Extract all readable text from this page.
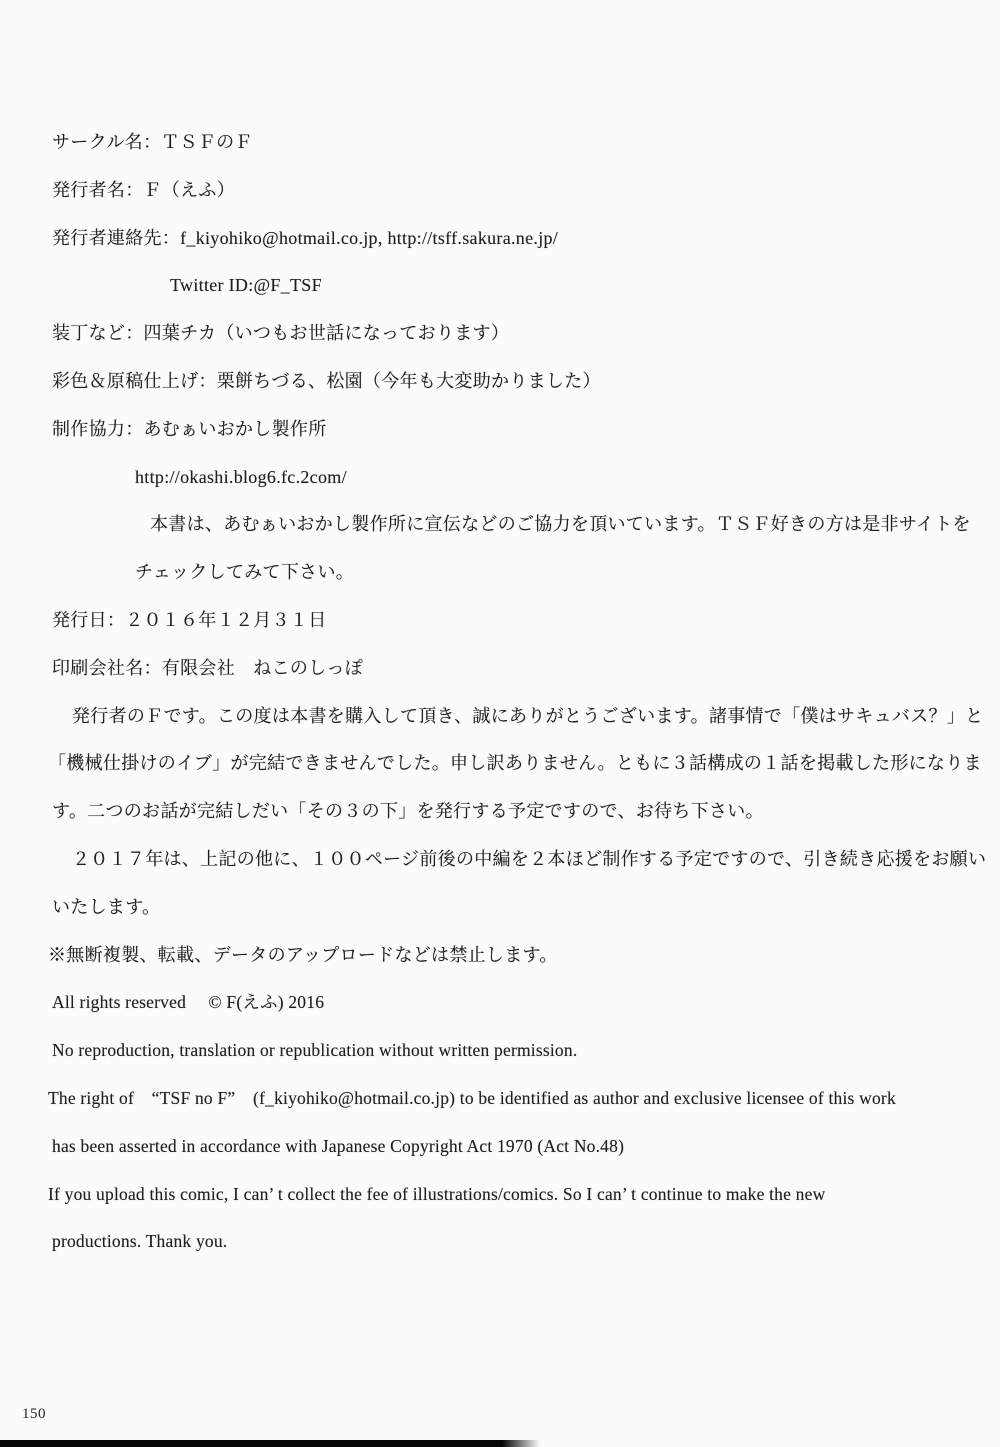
サークル名：ＴＳＦのＦ
発行者名：Ｆ（えふ）
発行者連絡先：f_kiyohiko@hotmail.co.jp, http://tsff.sakura.ne.jp/
Twitter ID:@F_TSF
装丁など：四葉チカ（いつもお世話になっております）
彩色＆原稿仕上げ：栗餅ちづる、松園（今年も大変助かりました）
制作協力：あむぁいおかし製作所
http://okashi.blog6.fc.2com/
本書は、あむぁいおかし製作所に宣伝などのご協力を頂いています。ＴＳＦ好きの方は是非サイトを
チェックしてみて下さい。
発行日：２０１６年１２月３１日
印刷会社名：有限会社　ねこのしっぽ
発行者のＦです。この度は本書を購入して頂き、誠にありがとうございます。諸事情で「僕はサキュバス？」と
「機械仕掛けのイブ」が完結できませんでした。申し訳ありません。ともに３話構成の１話を掲載した形になりま
す。二つのお話が完結しだい「その３の下」を発行する予定ですので、お待ち下さい。
２０１７年は、上記の他に、１００ページ前後の中編を２本ほど制作する予定ですので、引き続き応援をお願い
いたします。
※無断複製、転載、データのアップロードなどは禁止します。
All rights reserved　 © F(えふ) 2016
No reproduction, translation or republication without written permission.
The right of　“TSF no F”　(f_kiyohiko@hotmail.co.jp) to be identified as author and exclusive licensee of this work
has been asserted in accordance with Japanese Copyright Act 1970 (Act No.48)
If you upload this comic, I can’ t collect the fee of illustrations/comics. So I can’ t continue to make the new
productions. Thank you.
150
